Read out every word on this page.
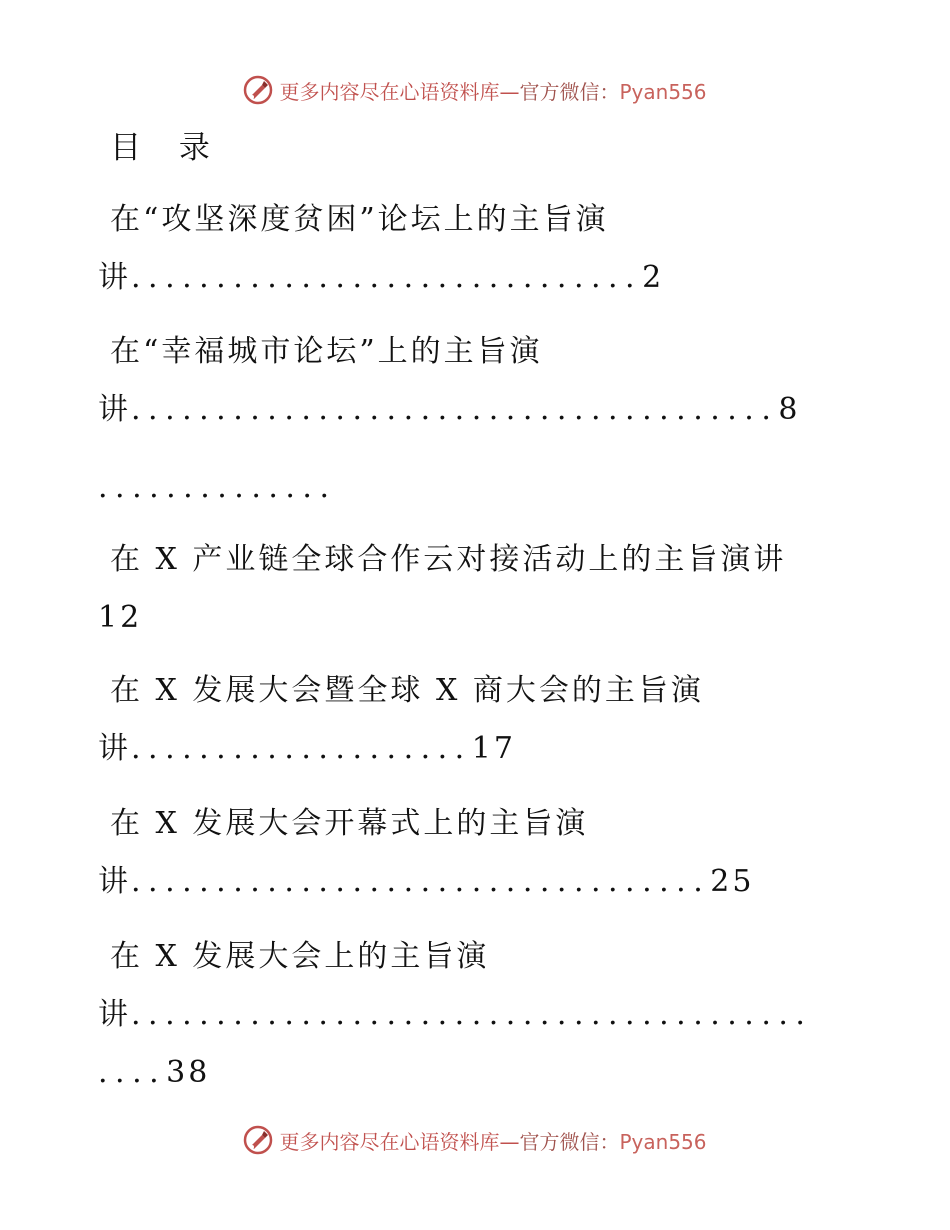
更多内容尽在心语资料库—官方微信：Pyan556
目 录
在“攻坚深度贫困”论坛上的主旨演
讲..............................2
在“幸福城市论坛”上的主旨演
讲......................................8
..............
在 X 产业链全球合作云对接活动上的主旨演讲
12
在 X 发展大会暨全球 X 商大会的主旨演
讲....................17
在 X 发展大会开幕式上的主旨演
讲..................................25
在 X 发展大会上的主旨演
讲........................................
....38
更多内容尽在心语资料库—官方微信：Pyan556
